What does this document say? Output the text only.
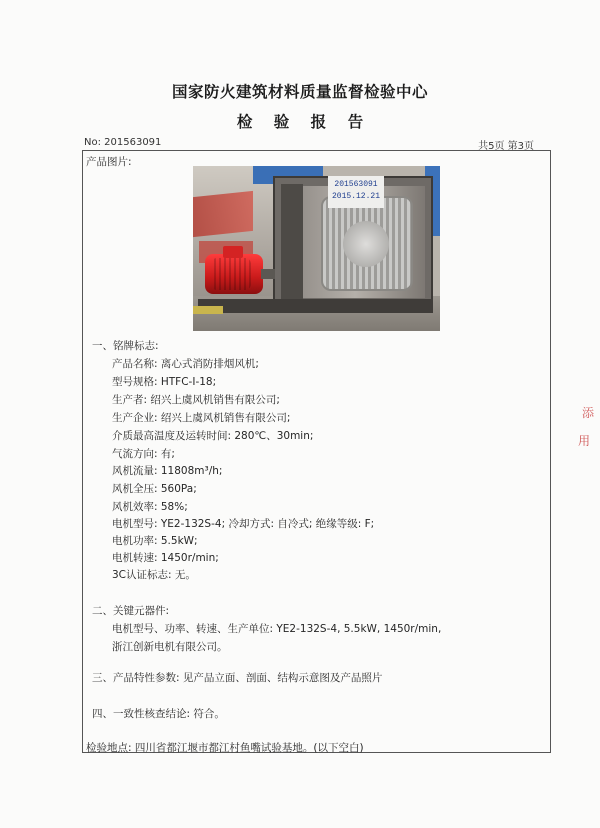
国家防火建筑材料质量监督检验中心
检 验 报 告
No: 201563091	共5页 第3页
产品图片:
201563091
2015.12.21
一、铭牌标志:
产品名称: 离心式消防排烟风机;
型号规格: HTFC-Ⅰ-18;
生产者: 绍兴上虞风机销售有限公司;
生产企业: 绍兴上虞风机销售有限公司;
介质最高温度及运转时间: 280℃、30min;
气流方向: 有;
风机流量: 11808m³/h;
风机全压: 560Pa;
风机效率: 58%;
电机型号: YE2-132S-4; 冷却方式: 自冷式; 绝缘等级: F;
电机功率: 5.5kW;
电机转速: 1450r/min;
3C认证标志: 无。
二、关键元器件:
电机型号、功率、转速、生产单位: YE2-132S-4, 5.5kW, 1450r/min,
浙江创新电机有限公司。
三、产品特性参数: 见产品立面、剖面、结构示意图及产品照片
四、一致性核查结论: 符合。
检验地点: 四川省都江堰市都江村鱼嘴试验基地。(以下空白)
添
用
